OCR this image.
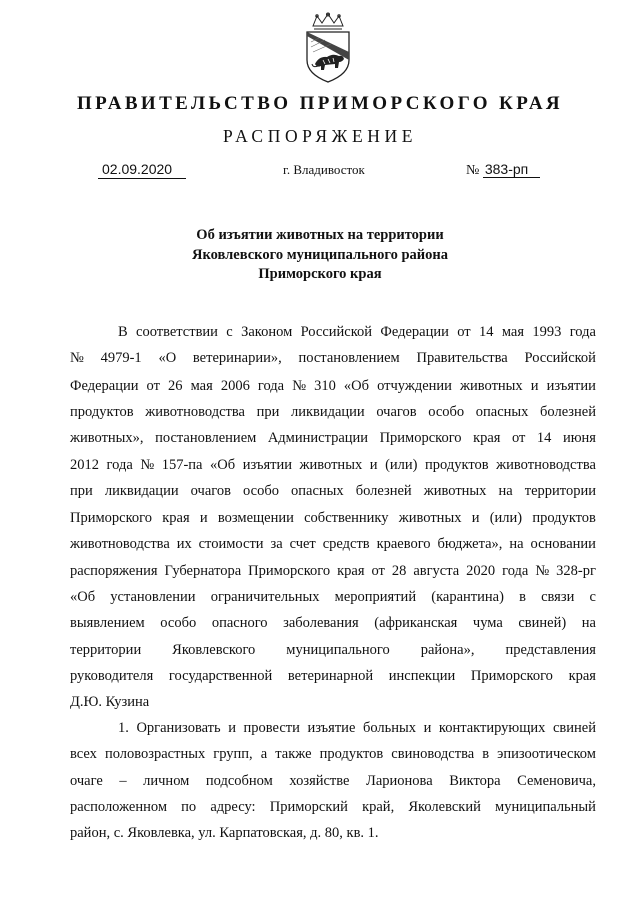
ПРАВИТЕЛЬСТВО ПРИМОРСКОГО КРАЯ
РАСПОРЯЖЕНИЕ
02.09.2020	г. Владивосток	№ 383-рп
Об изъятии животных на территории
Яковлевского муниципального района
Приморского края
В соответствии с Законом Российской Федерации от 14 мая 1993 года
№ 4979-1 «О ветеринарии», постановлением Правительства Российской
Федерации от 26 мая 2006 года № 310 «Об отчуждении животных и изъятии
продуктов животноводства при ликвидации очагов особо опасных болезней
животных», постановлением Администрации Приморского края от 14 июня
2012 года № 157-па «Об изъятии животных и (или) продуктов животноводства
при ликвидации очагов особо опасных болезней животных на территории
Приморского края и возмещении собственнику животных и (или) продуктов
животноводства их стоимости за счет средств краевого бюджета», на основании
распоряжения Губернатора Приморского края от 28 августа 2020 года № 328-рг
«Об установлении ограничительных мероприятий (карантина) в связи с
выявлением особо опасного заболевания (африканская чума свиней) на
территории Яковлевского муниципального района», представления
руководителя государственной ветеринарной инспекции Приморского края
Д.Ю. Кузина
1. Организовать и провести изъятие больных и контактирующих свиней
всех половозрастных групп, а также продуктов свиноводства в эпизоотическом
очаге – личном подсобном хозяйстве Ларионова Виктора Семеновича,
расположенном по адресу: Приморский край, Яколевский муниципальный
район, с. Яковлевка, ул. Карпатовская, д. 80, кв. 1.
